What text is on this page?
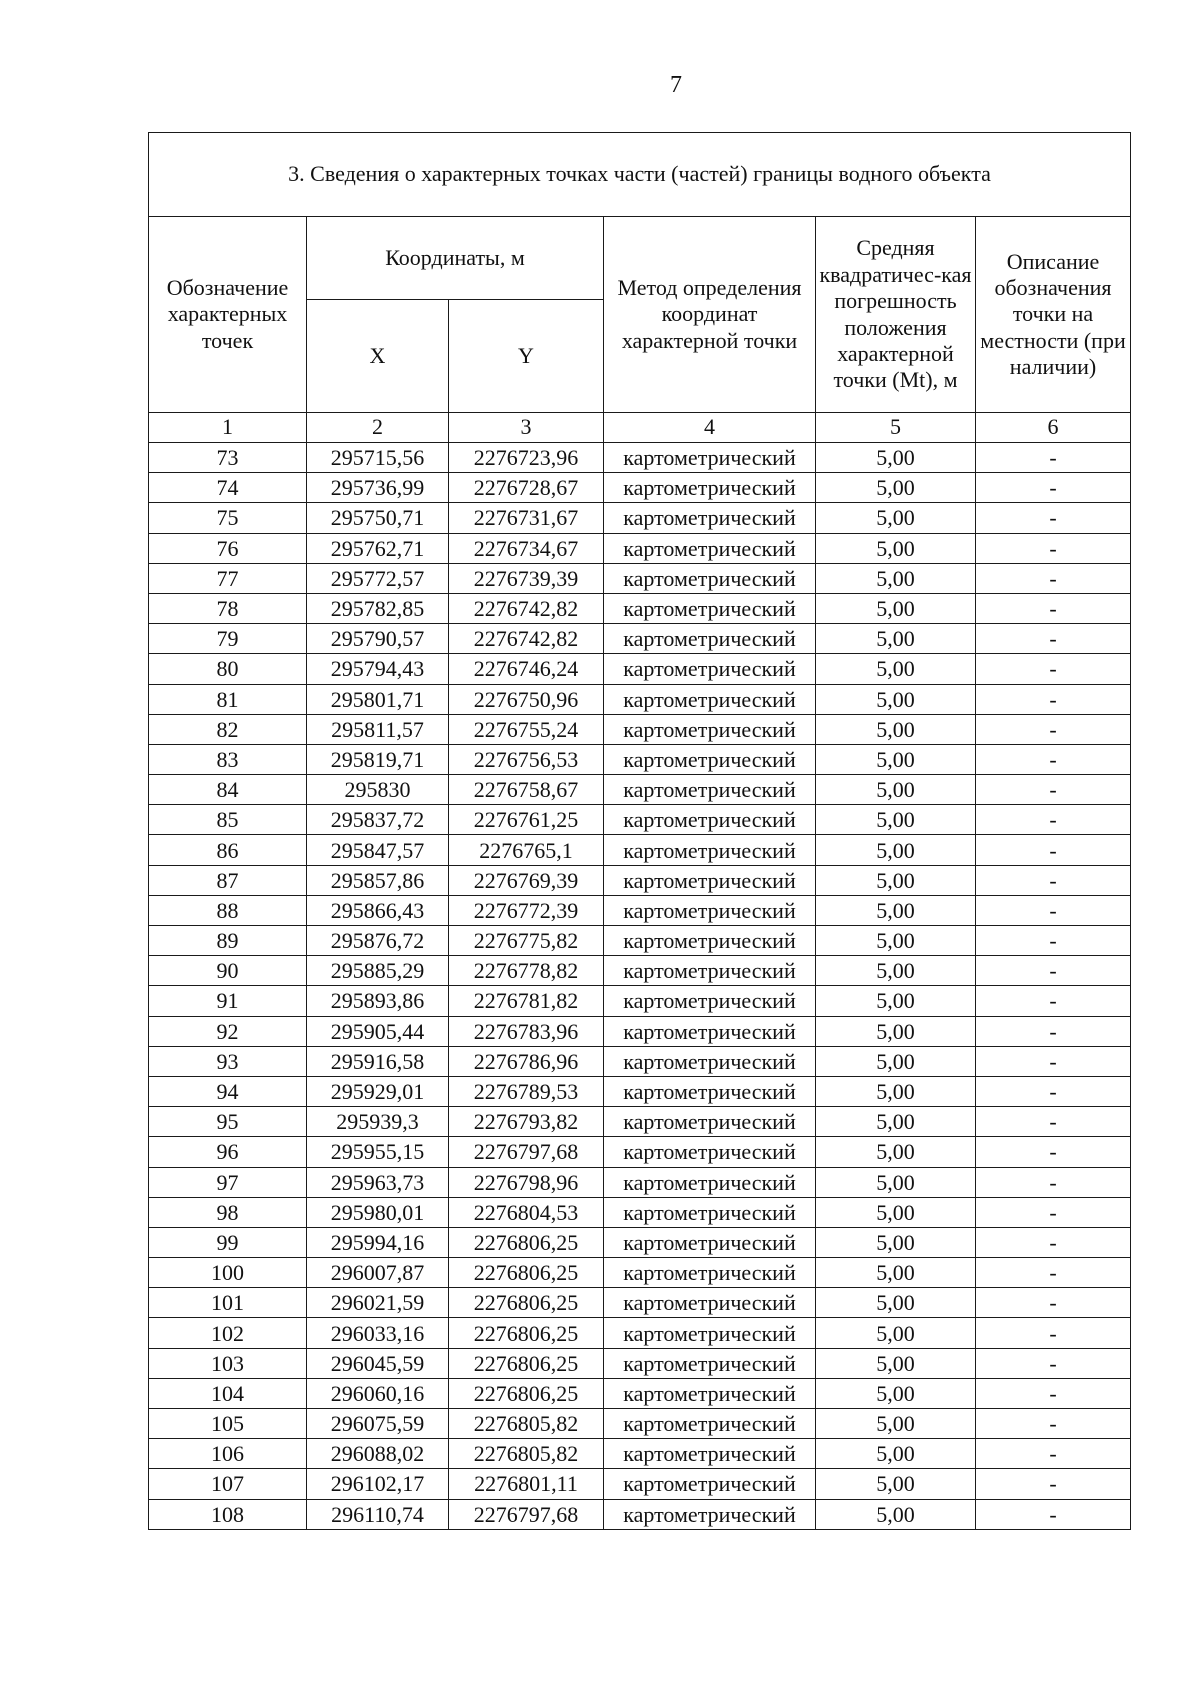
7
3. Сведения о характерных точках части (частей) границы водного объекта					
Обозначение характерных точек	Координаты, м		Метод определения координат характерной точки	Средняя квадратичес-кая погрешность положения характерной точки (Mt), м	Описание обозначения точки на местности (при наличии)
	X	Y			
1	2	3	4	5	6
73	295715,56	2276723,96	картометрический	5,00	-
74	295736,99	2276728,67	картометрический	5,00	-
75	295750,71	2276731,67	картометрический	5,00	-
76	295762,71	2276734,67	картометрический	5,00	-
77	295772,57	2276739,39	картометрический	5,00	-
78	295782,85	2276742,82	картометрический	5,00	-
79	295790,57	2276742,82	картометрический	5,00	-
80	295794,43	2276746,24	картометрический	5,00	-
81	295801,71	2276750,96	картометрический	5,00	-
82	295811,57	2276755,24	картометрический	5,00	-
83	295819,71	2276756,53	картометрический	5,00	-
84	295830	2276758,67	картометрический	5,00	-
85	295837,72	2276761,25	картометрический	5,00	-
86	295847,57	2276765,1	картометрический	5,00	-
87	295857,86	2276769,39	картометрический	5,00	-
88	295866,43	2276772,39	картометрический	5,00	-
89	295876,72	2276775,82	картометрический	5,00	-
90	295885,29	2276778,82	картометрический	5,00	-
91	295893,86	2276781,82	картометрический	5,00	-
92	295905,44	2276783,96	картометрический	5,00	-
93	295916,58	2276786,96	картометрический	5,00	-
94	295929,01	2276789,53	картометрический	5,00	-
95	295939,3	2276793,82	картометрический	5,00	-
96	295955,15	2276797,68	картометрический	5,00	-
97	295963,73	2276798,96	картометрический	5,00	-
98	295980,01	2276804,53	картометрический	5,00	-
99	295994,16	2276806,25	картометрический	5,00	-
100	296007,87	2276806,25	картометрический	5,00	-
101	296021,59	2276806,25	картометрический	5,00	-
102	296033,16	2276806,25	картометрический	5,00	-
103	296045,59	2276806,25	картометрический	5,00	-
104	296060,16	2276806,25	картометрический	5,00	-
105	296075,59	2276805,82	картометрический	5,00	-
106	296088,02	2276805,82	картометрический	5,00	-
107	296102,17	2276801,11	картометрический	5,00	-
108	296110,74	2276797,68	картометрический	5,00	-
